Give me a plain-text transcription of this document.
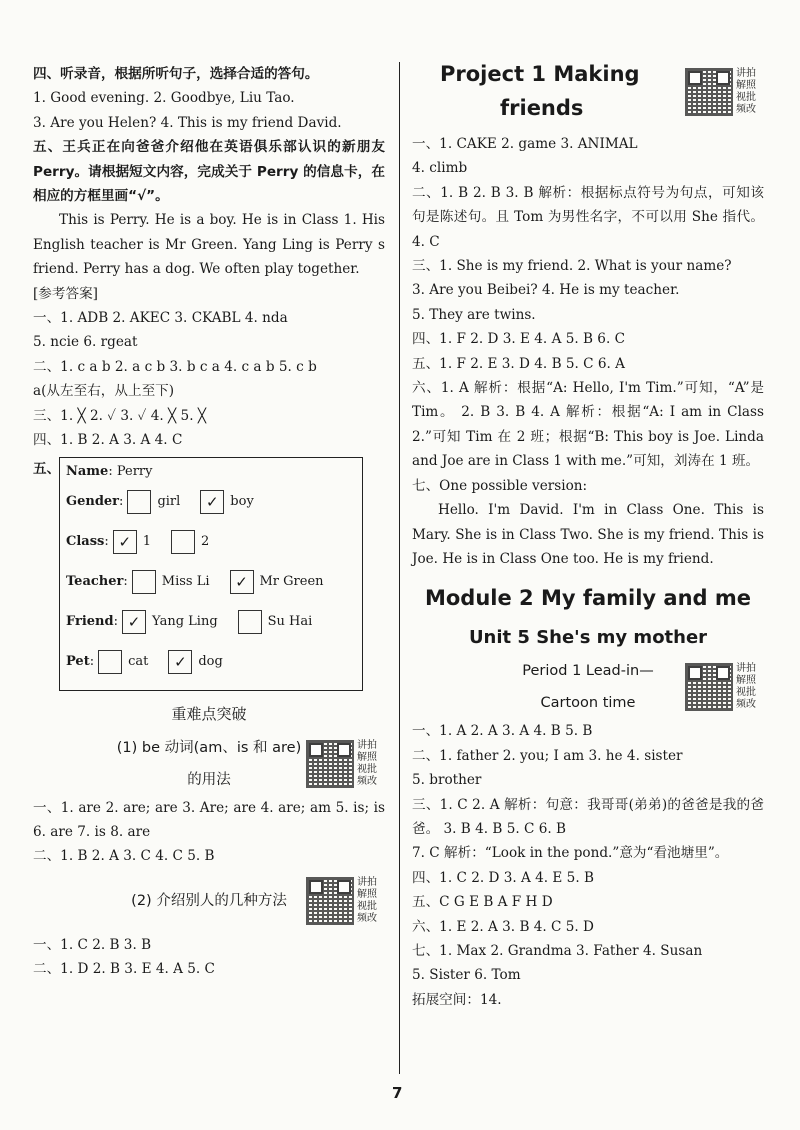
四、听录音，根据所听句子，选择合适的答句。

1. Good evening. 2. Goodbye, Liu Tao.

3. Are you Helen? 4. This is my friend David.

五、王兵正在向爸爸介绍他在英语俱乐部认识的新朋友 Perry。请根据短文内容，完成关于 Perry 的信息卡，在相应的方框里画“√”。

This is Perry. He is a boy. He is in Class 1. His English teacher is Mr Green. Yang Ling is Perry s friend. Perry has a dog. We often play together.

[参考答案]

一、1. ADB 2. AKEC 3. CKABL 4. nda

5. ncie 6. rgeat

二、1. c a b 2. a c b 3. b c a 4. c a b 5. c b

a(从左至右，从上至下)

三、1. ╳ 2. ✓ 3. ✓ 4. ╳ 5. ╳

四、1. B 2. A 3. A 4. C

五、 Name : Perry
Gender :	girl	✓ boy
Class : ✓ 1	2
Teacher :	Miss Li	✓ Mr Green
Friend : ✓ Yang Ling	Su Hai
Pet :	cat	✓ dog
重难点突破
(1) be 动词(am、is 和 are)
的用法
讲拍解照视批频改

一、1. are 2. are; are 3. Are; are 4. are; am 5. is; is 6. are 7. is 8. are

二、1. B 2. A 3. C 4. C 5. B

(2) 介绍别人的几种方法
讲拍解照视批频改

一、1. C 2. B 3. B

二、1. D 2. B 3. E 4. A 5. C

Project 1 Making
friends
讲拍解照视批频改

一、1. CAKE 2. game 3. ANIMAL

4. climb

二、1. B 2. B 3. B 解析：根据标点符号为句点，可知该句是陈述句。且 Tom 为男性名字，不可以用 She 指代。 4. C

三、1. She is my friend. 2. What is your name?

3. Are you Beibei? 4. He is my teacher.

5. They are twins.

四、1. F 2. D 3. E 4. A 5. B 6. C

五、1. F 2. E 3. D 4. B 5. C 6. A

六、1. A 解析：根据“A: Hello, I'm Tim.”可知，“A”是 Tim。 2. B 3. B 4. A 解析：根据“A: I am in Class 2.”可知 Tim 在 2 班；根据“B: This boy is Joe. Linda and Joe are in Class 1 with me.”可知，刘涛在 1 班。

七、One possible version:

Hello. I'm David. I'm in Class One. This is Mary. She is in Class Two. She is my friend. This is Joe. He is in Class One too. He is my friend.

Module 2 My family and me
Unit 5 She's my mother
Period 1 Lead-in—
Cartoon time
讲拍解照视批频改

一、1. A 2. A 3. A 4. B 5. B

二、1. father 2. you; I am 3. he 4. sister

5. brother

三、1. C 2. A 解析：句意：我哥哥(弟弟)的爸爸是我的爸爸。 3. B 4. B 5. C 6. B

7. C 解析：“Look in the pond.”意为“看池塘里”。

四、1. C 2. D 3. A 4. E 5. B

五、C G E B A F H D

六、1. E 2. A 3. B 4. C 5. D

七、1. Max 2. Grandma 3. Father 4. Susan

5. Sister 6. Tom

拓展空间：14.

7
